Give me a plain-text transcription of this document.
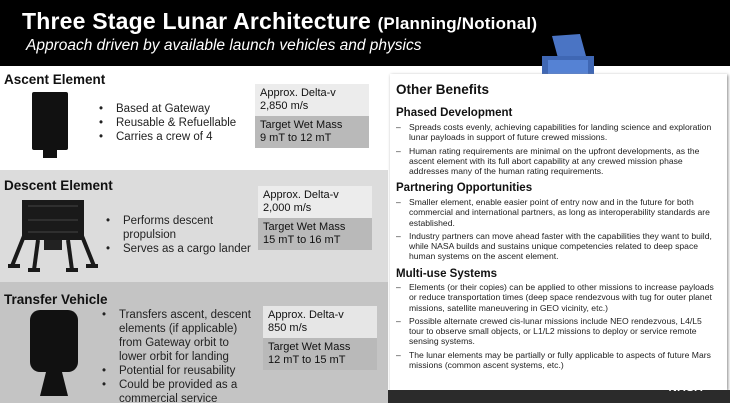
Three Stage Lunar Architecture (Planning/Notional)
Approach driven by available launch vehicles and physics
Ascent Element
• Based at Gateway
• Reusable & Refuellable
• Carries a crew of 4
Approx. Delta-v
2,850 m/s
Target Wet Mass
9 mT to 12 mT
Descent Element
• Performs descent propulsion
• Serves as a cargo lander
Approx. Delta-v
2,000 m/s
Target Wet Mass
15 mT to 16 mT
Transfer Vehicle
• Transfers ascent, descent elements (if applicable) from Gateway orbit to lower orbit for landing
• Potential for reusability
• Could be provided as a commercial service
Approx. Delta-v
850 m/s
Target Wet Mass
12 mT to 15 mT
Other Benefits
Phased Development
– Spreads costs evenly, achieving capabilities for landing science and exploration lunar payloads in support of future crewed missions.
– Human rating requirements are minimal on the upfront developments, as the ascent element with its full abort capability at any crewed mission phase addresses many of the human rating requirements.
Partnering Opportunities
– Smaller element, enable easier point of entry now and in the future for both commercial and international partners, as long as interoperability standards are established.
– Industry partners can move ahead faster with the capabilities they want to build, while NASA builds and sustains unique competencies related to deep space human systems on the ascent element.
Multi-use Systems
– Elements (or their copies) can be applied to other missions to increase payloads or reduce transportation times (deep space rendezvous with tug for outer planet missions, satellite maneuvering in GEO vicinity, etc.)
– Possible alternate crewed cis-lunar missions include NEO rendezvous, L4/L5 tour to observe small objects, or L1/L2 missions to deploy or service remote sensing systems.
– The lunar elements may be partially or fully applicable to aspects of future Mars missions (common ascent systems, etc.)
NASA
